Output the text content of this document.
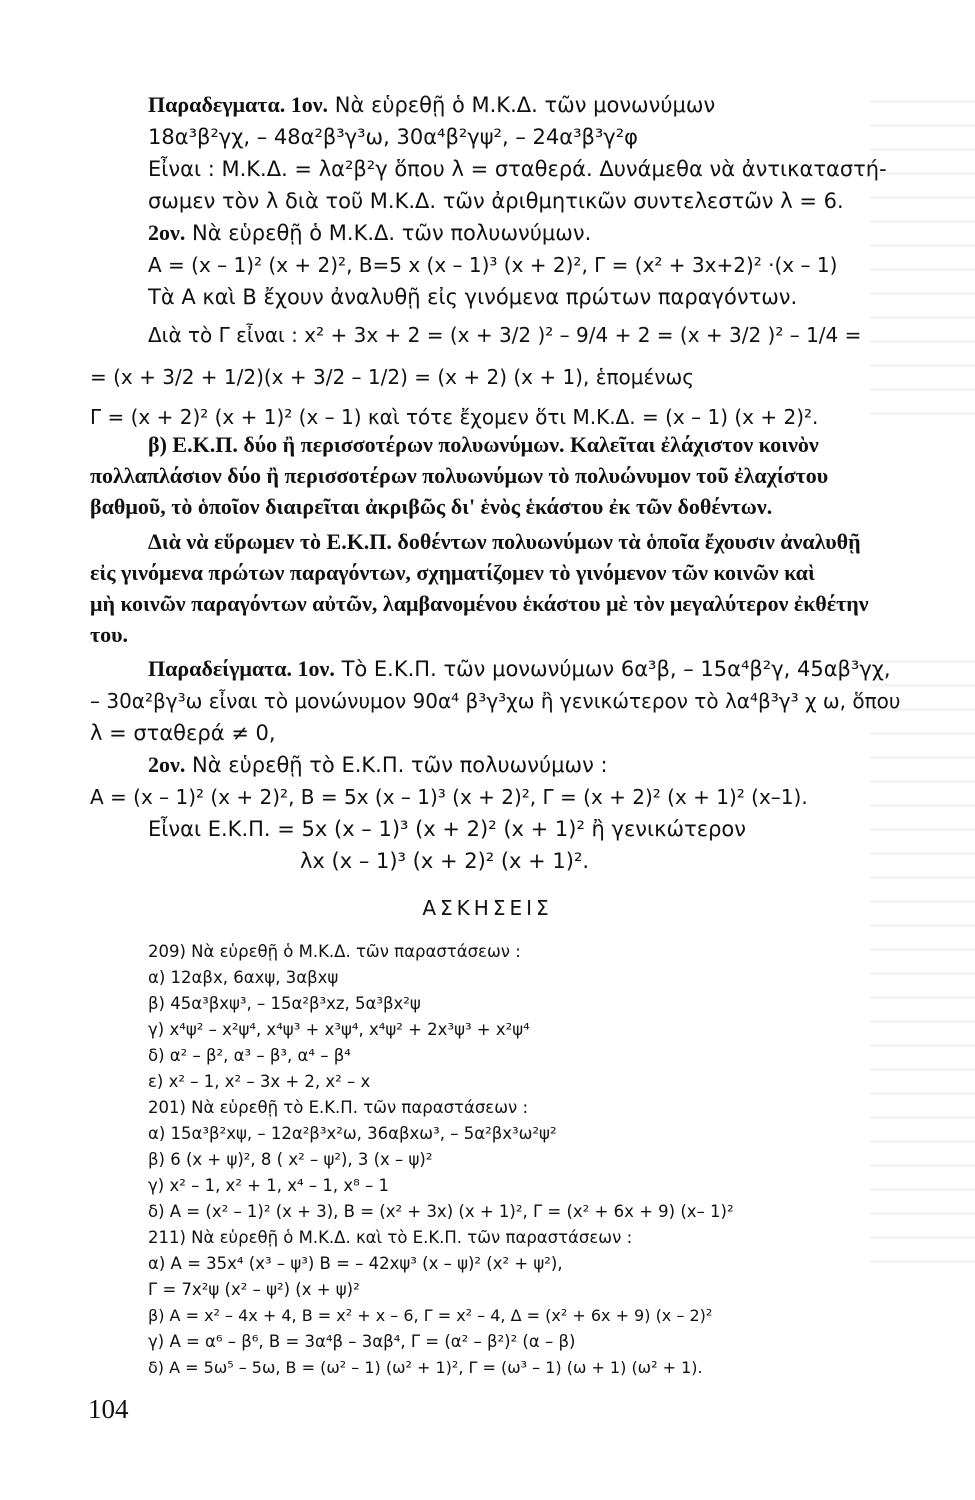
Παραδεγματα. 1ον. Νὰ εὑρεθῇ ὁ Μ.Κ.Δ. τῶν μονωνύμων
18α³β²γχ, – 48α²β³γ³ω, 30α⁴β²γψ², – 24α³β³γ²φ
Εἶναι : Μ.Κ.Δ. = λα²β²γ ὅπου λ = σταθερά. Δυνάμεθα νὰ ἀντικαταστή-
σωμεν τὸν λ διὰ τοῦ Μ.Κ.Δ. τῶν ἀριθμητικῶν συντελεστῶν λ = 6.
2ον. Νὰ εὑρεθῇ ὁ Μ.Κ.Δ. τῶν πολυωνύμων.
Α = (x – 1)² (x + 2)², Β=5 x (x – 1)³ (x + 2)², Γ = (x² + 3x+2)² ·(x – 1)
Τὰ Α καὶ Β ἔχουν ἀναλυθῇ εἰς γινόμενα πρώτων παραγόντων.
Διὰ τὸ Γ εἶναι : x² + 3x + 2 = (x + 3/2 )² – 9/4 + 2 = (x + 3/2 )² – 1/4 =
= (x + 3/2 + 1/2)(x + 3/2 – 1/2) = (x + 2) (x + 1), ἑπομένως
Γ = (x + 2)² (x + 1)² (x – 1) καὶ τότε ἔχομεν ὅτι Μ.Κ.Δ. = (x – 1) (x + 2)².
β) Ε.Κ.Π. δύο ἢ περισσοτέρων πολυωνύμων. Καλεῖται ἐλάχιστον κοινὸν
πολλαπλάσιον δύο ἢ περισσοτέρων πολυωνύμων τὸ πολυώνυμον τοῦ ἐλαχίστου
βαθμοῦ, τὸ ὁποῖον διαιρεῖται ἀκριβῶς δι' ἑνὸς ἑκάστου ἐκ τῶν δοθέντων.
Διὰ νὰ εὕρωμεν τὸ Ε.Κ.Π. δοθέντων πολυωνύμων τὰ ὁποῖα ἔχουσιν ἀναλυθῇ
εἰς γινόμενα πρώτων παραγόντων, σχηματίζομεν τὸ γινόμενον τῶν κοινῶν καὶ
μὴ κοινῶν παραγόντων αὐτῶν, λαμβανομένου ἑκάστου μὲ τὸν μεγαλύτερον ἐκθέτην
του.
Παραδείγματα. 1ον. Τὸ Ε.Κ.Π. τῶν μονωνύμων 6α³β, – 15α⁴β²γ, 45αβ³γχ,
– 30α²βγ³ω εἶναι τὸ μονώνυμον 90α⁴ β³γ³χω ἢ γενικώτερον τὸ λα⁴β³γ³ χ ω, ὅπου
λ = σταθερά ≠ 0,
2ον. Νὰ εὑρεθῇ τὸ Ε.Κ.Π. τῶν πολυωνύμων :
Α = (x – 1)² (x + 2)², Β = 5x (x – 1)³ (x + 2)², Γ = (x + 2)² (x + 1)² (x–1).
Εἶναι Ε.Κ.Π. = 5x (x – 1)³ (x + 2)² (x + 1)² ἢ γενικώτερον
λx (x – 1)³ (x + 2)² (x + 1)².
ΑΣΚΗΣΕΙΣ
209) Νὰ εὑρεθῇ ὁ Μ.Κ.Δ. τῶν παραστάσεων :
α) 12αβx, 6αxψ, 3αβxψ
β) 45α³βxψ³, – 15α²β³xz, 5α³βx²ψ
γ) x⁴ψ² – x²ψ⁴, x⁴ψ³ + x³ψ⁴, x⁴ψ² + 2x³ψ³ + x²ψ⁴
δ) α² – β², α³ – β³, α⁴ – β⁴
ε) x² – 1, x² – 3x + 2, x² – x
201) Νὰ εὑρεθῇ τὸ Ε.Κ.Π. τῶν παραστάσεων :
α) 15α³β²xψ, – 12α²β³x²ω, 36αβxω³, – 5α²βx³ω²ψ²
β) 6 (x + ψ)², 8 ( x² – ψ²), 3 (x – ψ)²
γ) x² – 1, x² + 1, x⁴ – 1, x⁸ – 1
δ) Α = (x² – 1)² (x + 3), Β = (x² + 3x) (x + 1)², Γ = (x² + 6x + 9) (x– 1)²
211) Νὰ εὑρεθῇ ὁ Μ.Κ.Δ. καὶ τὸ Ε.Κ.Π. τῶν παραστάσεων :
α) Α = 35x⁴ (x³ – ψ³) Β = – 42xψ³ (x – ψ)² (x² + ψ²),
Γ = 7x²ψ (x² – ψ²) (x + ψ)²
β) Α = x² – 4x + 4, Β = x² + x – 6, Γ = x² – 4, Δ = (x² + 6x + 9) (x – 2)²
γ) Α = α⁶ – β⁶, Β = 3α⁴β – 3αβ⁴, Γ = (α² – β²)² (α – β)
δ) Α = 5ω⁵ – 5ω, Β = (ω² – 1) (ω² + 1)², Γ = (ω³ – 1) (ω + 1) (ω² + 1).
104
